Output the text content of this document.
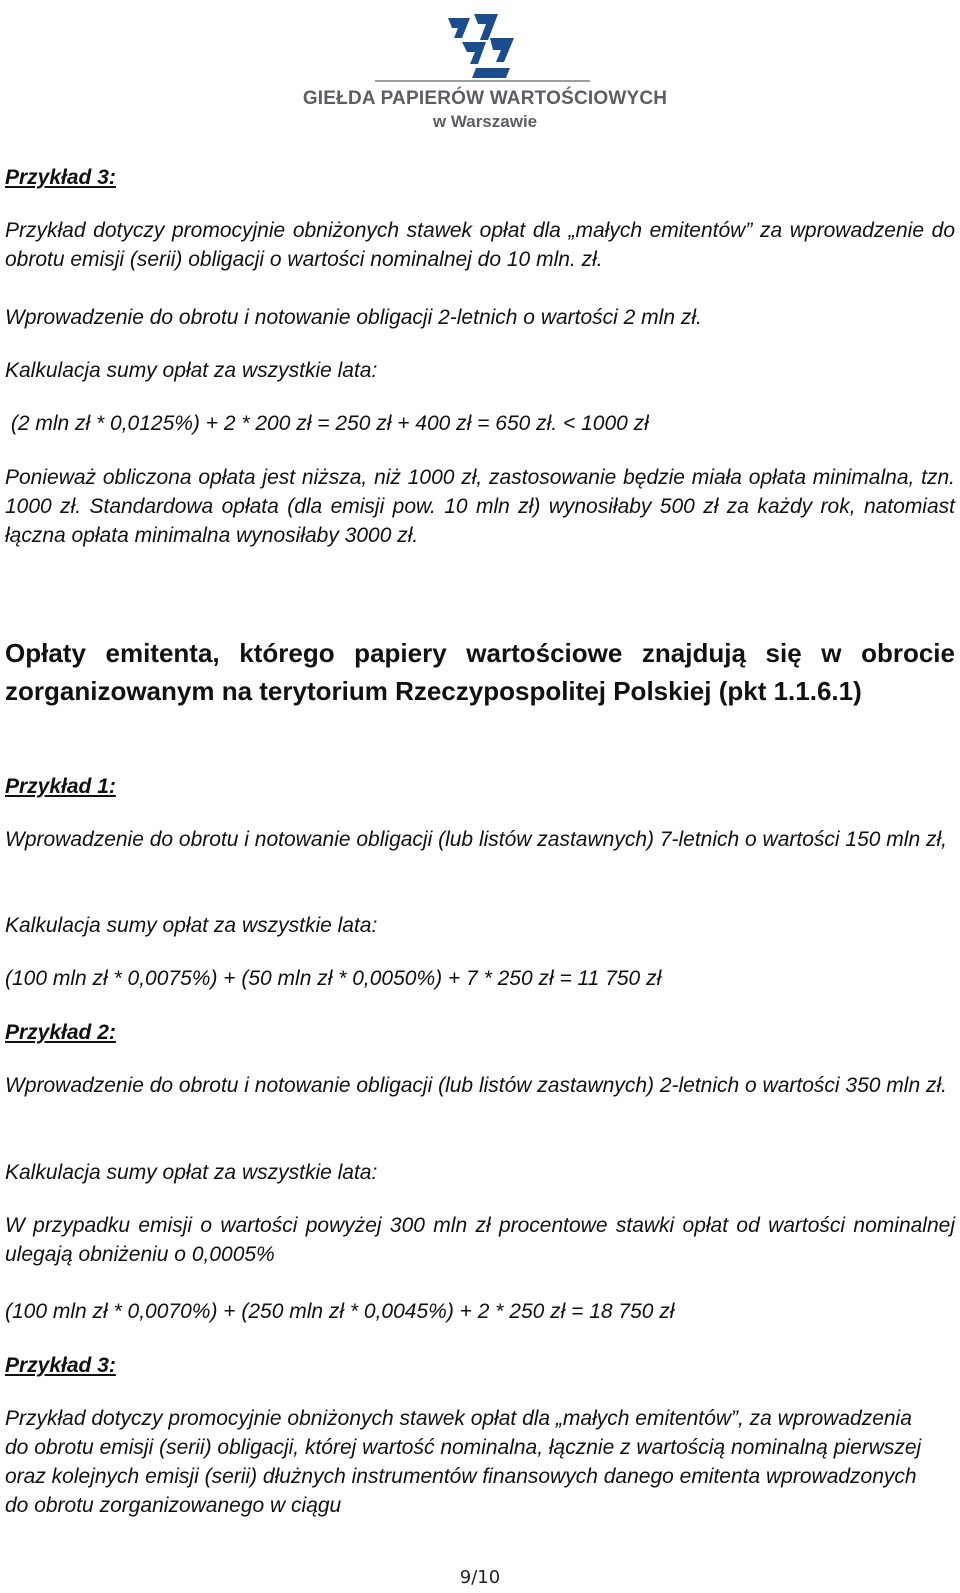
GIEŁDA PAPIERÓW WARTOŚCIOWYCH
w Warszawie

Przykład 3:

Przykład dotyczy promocyjnie obniżonych stawek opłat dla „małych emitentów” za wprowadzenie do obrotu emisji (serii) obligacji o wartości nominalnej do 10 mln. zł.

Wprowadzenie do obrotu i notowanie obligacji 2-letnich o wartości 2 mln zł.

Kalkulacja sumy opłat za wszystkie lata:

(2 mln zł * 0,0125%) + 2 * 200 zł = 250 zł + 400 zł = 650 zł. < 1000 zł

Ponieważ obliczona opłata jest niższa, niż 1000 zł, zastosowanie będzie miała opłata minimalna, tzn. 1000 zł. Standardowa opłata (dla emisji pow. 10 mln zł) wynosiłaby 500 zł za każdy rok, natomiast łączna opłata minimalna wynosiłaby 3000 zł.

Opłaty emitenta, którego papiery wartościowe znajdują się w obrocie zorganizowanym na terytorium Rzeczypospolitej Polskiej (pkt 1.1.6.1)

Przykład 1:

Wprowadzenie do obrotu i notowanie obligacji (lub listów zastawnych) 7-letnich o wartości 150 mln zł,

Kalkulacja sumy opłat za wszystkie lata:

(100 mln zł * 0,0075%) + (50 mln zł * 0,0050%) + 7 * 250 zł = 11 750 zł

Przykład 2:

Wprowadzenie do obrotu i notowanie obligacji (lub listów zastawnych) 2-letnich o wartości 350 mln zł.

Kalkulacja sumy opłat za wszystkie lata:

W przypadku emisji o wartości powyżej 300 mln zł procentowe stawki opłat od wartości nominalnej ulegają obniżeniu o 0,0005%

(100 mln zł * 0,0070%) + (250 mln zł * 0,0045%) + 2 * 250 zł = 18 750 zł

Przykład 3:

Przykład dotyczy promocyjnie obniżonych stawek opłat dla „małych emitentów”, za wprowadzenia do obrotu emisji (serii) obligacji, której wartość nominalna, łącznie z wartością nominalną pierwszej oraz kolejnych emisji (serii) dłużnych instrumentów finansowych danego emitenta wprowadzonych do obrotu zorganizowanego w ciągu

9/10
